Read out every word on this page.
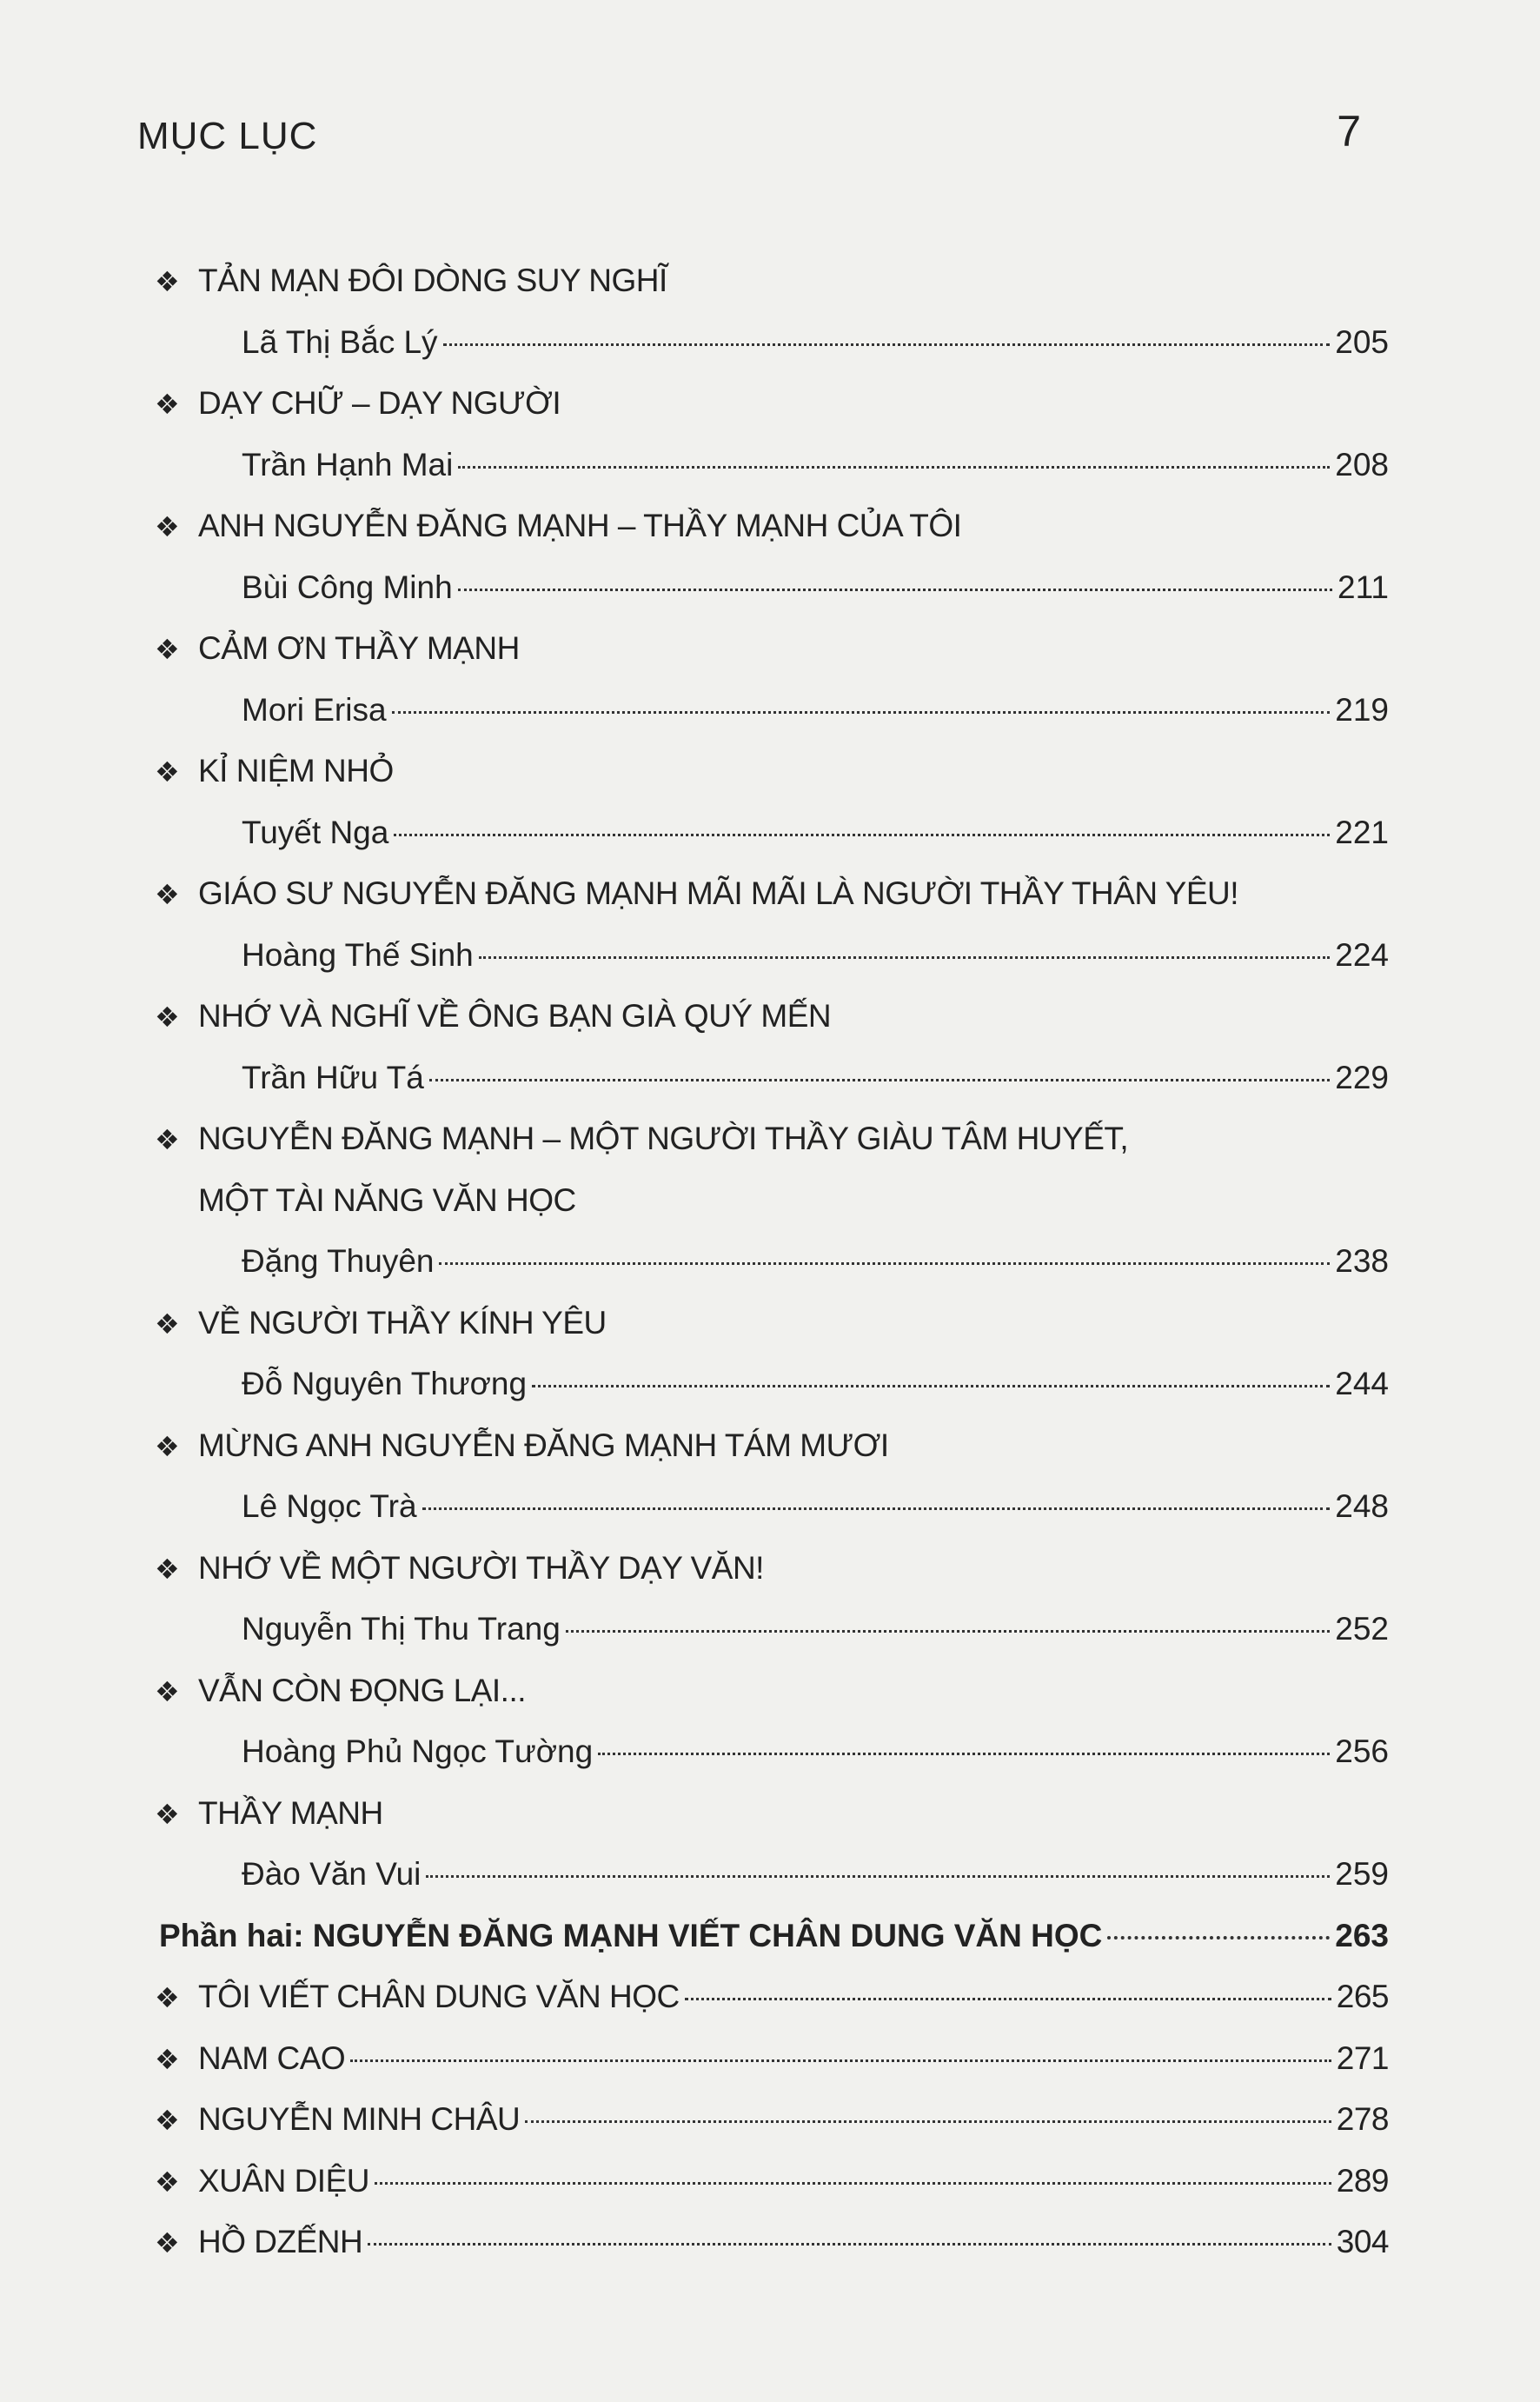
MỤC LỤC	7
❖ TẢN MẠN ĐÔI DÒNG SUY NGHĨ
Lã Thị Bắc Lý	205
❖ DẠY CHỮ – DẠY NGƯỜI
Trần Hạnh Mai	208
❖ ANH NGUYỄN ĐĂNG MẠNH – THẦY MẠNH CỦA TÔI
Bùi Công Minh	211
❖ CẢM ƠN THẦY MẠNH
Mori Erisa	219
❖ KỈ NIỆM NHỎ
Tuyết Nga	221
❖ GIÁO SƯ NGUYỄN ĐĂNG MẠNH MÃI MÃI LÀ NGƯỜI THẦY THÂN YÊU!
Hoàng Thế Sinh	224
❖ NHỚ VÀ NGHĨ VỀ ÔNG BẠN GIÀ QUÝ MẾN
Trần Hữu Tá	229
❖ NGUYỄN ĐĂNG MẠNH – MỘT NGƯỜI THẦY GIÀU TÂM HUYẾT,
MỘT TÀI NĂNG VĂN HỌC
Đặng Thuyên	238
❖ VỀ NGƯỜI THẦY KÍNH YÊU
Đỗ Nguyên Thương	244
❖ MỪNG ANH NGUYỄN ĐĂNG MẠNH TÁM MƯƠI
Lê Ngọc Trà	248
❖ NHỚ VỀ MỘT NGƯỜI THẦY DẠY VĂN!
Nguyễn Thị Thu Trang	252
❖ VẪN CÒN ĐỌNG LẠI...
Hoàng Phủ Ngọc Tường	256
❖ THẦY MẠNH
Đào Văn Vui	259
Phần hai: NGUYỄN ĐĂNG MẠNH VIẾT CHÂN DUNG VĂN HỌC	263
❖ TÔI VIẾT CHÂN DUNG VĂN HỌC	265
❖ NAM CAO	271
❖ NGUYỄN MINH CHÂU	278
❖ XUÂN DIỆU	289
❖ HỒ DZẾNH	304
